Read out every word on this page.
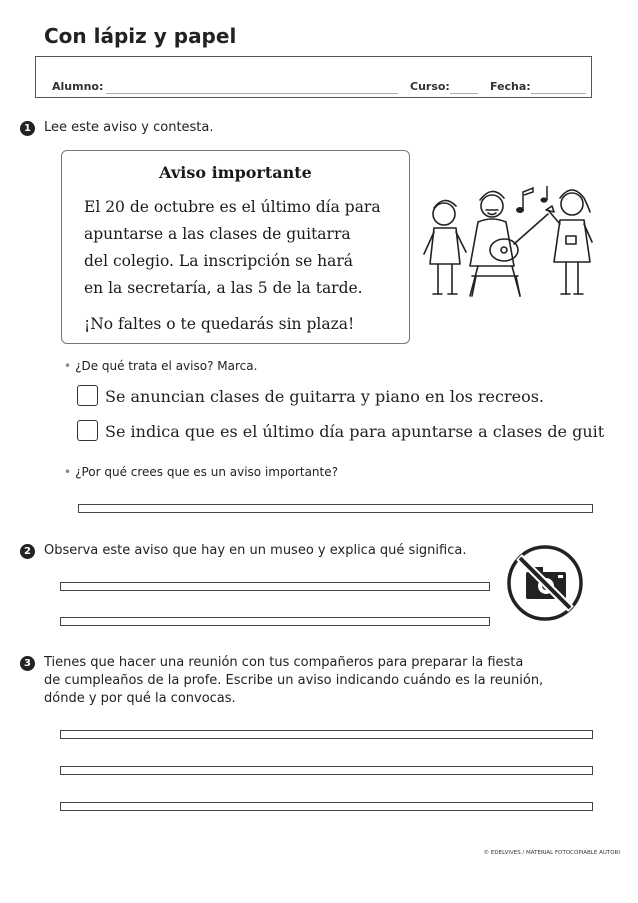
Con lápiz y papel
Alumno:	Curso:	Fecha:
1	Lee este aviso y contesta.
Aviso importante
El 20 de octubre es el último día para
apuntarse a las clases de guitarra
del colegio. La inscripción se hará
en la secretaría, a las 5 de la tarde.
¡No faltes o te quedarás sin plaza!
• ¿De qué trata el aviso? Marca.
Se anuncian clases de guitarra y piano en los recreos.
Se indica que es el último día para apuntarse a clases de guit
• ¿Por qué crees que es un aviso importante?
2	Observa este aviso que hay en un museo y explica qué significa.
3	Tienes que hacer una reunión con tus compañeros para preparar la fiesta
de cumpleaños de la profe. Escribe un aviso indicando cuándo es la reunión,
dónde y por qué la convocas.
© EDELVIVES / MATERIAL FOTOCOPIABLE AUTORI
